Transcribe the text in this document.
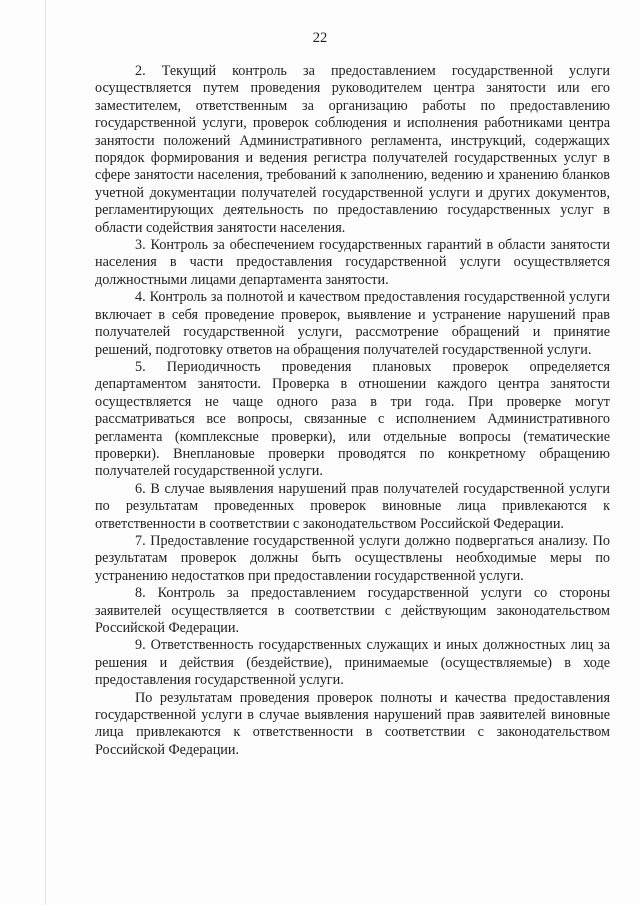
22

2. Текущий контроль за предоставлением государственной услуги осуществляется путем проведения руководителем центра занятости или его заместителем, ответственным за организацию работы по предоставлению государственной услуги, проверок соблюдения и исполнения работниками центра занятости положений Административного регламента, инструкций, содержащих порядок формирования и ведения регистра получателей государственных услуг в сфере занятости населения, требований к заполнению, ведению и хранению бланков учетной документации получателей государственной услуги и других документов, регламентирующих деятельность по предоставлению государственных услуг в области содействия занятости населения.

3. Контроль за обеспечением государственных гарантий в области занятости населения в части предоставления государственной услуги осуществляется должностными лицами департамента занятости.

4. Контроль за полнотой и качеством предоставления государственной услуги включает в себя проведение проверок, выявление и устранение нарушений прав получателей государственной услуги, рассмотрение обращений и принятие решений, подготовку ответов на обращения получателей государственной услуги.

5. Периодичность проведения плановых проверок определяется департаментом занятости. Проверка в отношении каждого центра занятости осуществляется не чаще одного раза в три года. При проверке могут рассматриваться все вопросы, связанные с исполнением Административного регламента (комплексные проверки), или отдельные вопросы (тематические проверки). Внеплановые проверки проводятся по конкретному обращению получателей государственной услуги.

6. В случае выявления нарушений прав получателей государственной услуги по результатам проведенных проверок виновные лица привлекаются к ответственности в соответствии с законодательством Российской Федерации.

7. Предоставление государственной услуги должно подвергаться анализу. По результатам проверок должны быть осуществлены необходимые меры по устранению недостатков при предоставлении государственной услуги.

8. Контроль за предоставлением государственной услуги со стороны заявителей осуществляется в соответствии с действующим законодательством Российской Федерации.

9. Ответственность государственных служащих и иных должностных лиц за решения и действия (бездействие), принимаемые (осуществляемые) в ходе предоставления государственной услуги.

По результатам проведения проверок полноты и качества предоставления государственной услуги в случае выявления нарушений прав заявителей виновные лица привлекаются к ответственности в соответствии с законодательством Российской Федерации.
